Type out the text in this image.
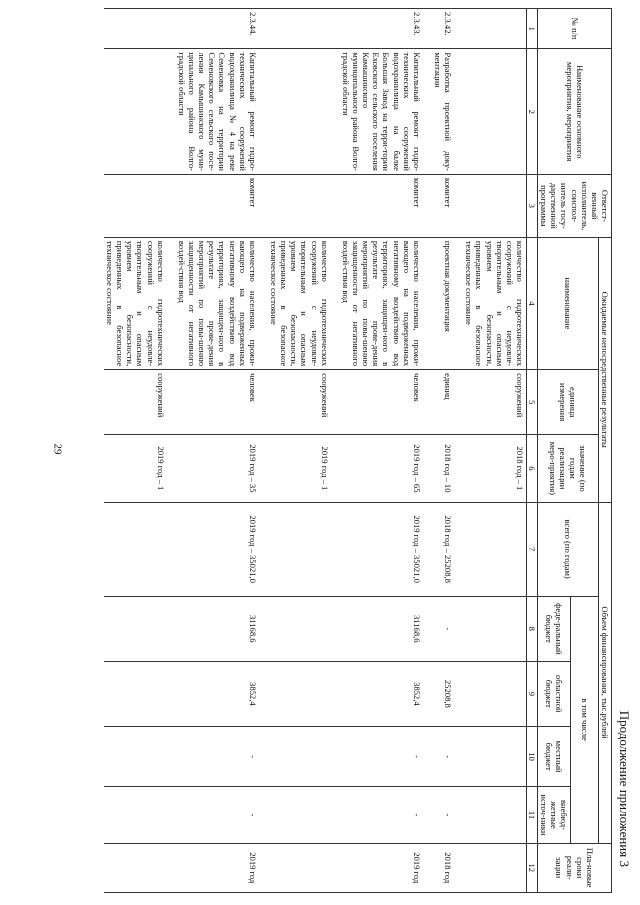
29
Продолжение приложения 3
№ п/п	Наименование основного мероприятия, мероприятия	Ответст-венный исполнитель, соиспол-нитель госу-дарственной программы	Ожидаемые непосредственные результаты			Объем финансирования, тыс.рублей					Пла-новые сроки реали-зации
			наименование	единица измерения	значение (по годам реализации меро-приятия)	всего (по годам)	в том числе				
							феде-ральный бюджет	областной бюджет	местный бюджет	внебюд-жетные источ-ники	
1	2	3	4	5	6	7	8	9	10	11	12
			количество гидротехнических сооружений с неудовле-творительным и опасным уровнем безопасности, приведенных в безопасное техническое состояние	сооружений	2018 год – 1						
2.3.42.	Разработка проектной доку-ментации	комитет	проектная документация	единиц	2018 год – 10	2018 год – 25208,8	-	25208,8	-	-	2018 год
2.3.43.	Капитальный ремонт гидро-технических сооружений водохранилища на балке Большая Завод на терри-тории Еховского сельского поселения Камышинского муниципального района Волго-градской области	комитет	количество населения, прожи-вающего на подверженных негативному воздействию вод территориях, защищен-ного в результате прове-дения мероприятий по повы-шению защищенности от негативного воздей-ствия вод	человек	2019 год – 65	2019 год – 35021,0	31168,6	3852,4	-	-	2019 год
			количество гидротехнических сооружений с неудовле-творительным и опасным уровнем безопасности, приведенных в безопасное техническое состояние	сооружений	2019 год – 1						
2.3.44.	Капитальный ремонт гидро-технических сооружений водохранилища № 4 на реке Семеновка на территории Семеновского сельского посе-ления Камышинского муни-ципального района Волго-градской области	комитет	количество населения, прожи-вающего на подверженных негативному воздействию вод территориях, защищен-ного в результате прове-дения мероприятий по повы-шению защищенности от негативного воздей-ствия вод	человек	2019 год – 35	2019 год – 35021,0	31168,6	3852,4	-	-	2019 год
			количество гидротехнических сооружений с неудовле-творительным и опасным уровнем безопасности, приведенных в безопасное техническое состояние	сооружений	2019 год – 1						
